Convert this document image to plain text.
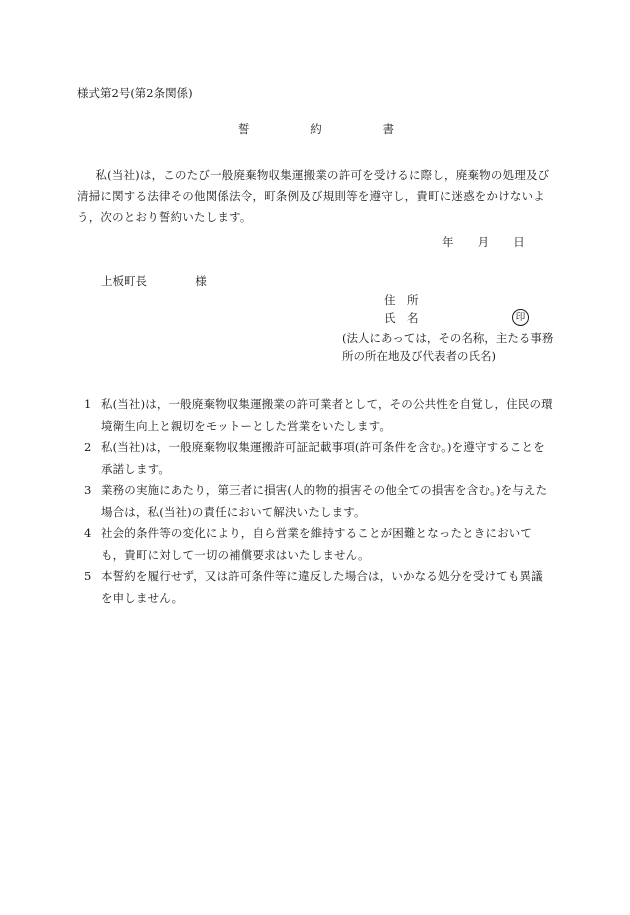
様式第2号(第2条関係)
誓	約	書
私(当社)は，このたび一般廃棄物収集運搬業の許可を受けるに際し，廃棄物の処理及び清掃に関する法律その他関係法令，町条例及び規則等を遵守し，貴町に迷惑をかけないよう，次のとおり誓約いたします。
年 月 日
上板町長	様
住　所
氏　名	印
(法人にあっては，その名称，主たる事務所の所在地及び代表者の氏名)
1 私(当社)は，一般廃棄物収集運搬業の許可業者として，その公共性を自覚し，住民の環境衛生向上と親切をモットーとした営業をいたします。
2 私(当社)は，一般廃棄物収集運搬許可証記載事項(許可条件を含む。)を遵守することを承諾します。
3 業務の実施にあたり，第三者に損害(人的物的損害その他全ての損害を含む。)を与えた場合は，私(当社)の責任において解決いたします。
4 社会的条件等の変化により，自ら営業を維持することが困難となったときにおいても，貴町に対して一切の補償要求はいたしません。
5 本誓約を履行せず，又は許可条件等に違反した場合は，いかなる処分を受けても異議を申しません。
